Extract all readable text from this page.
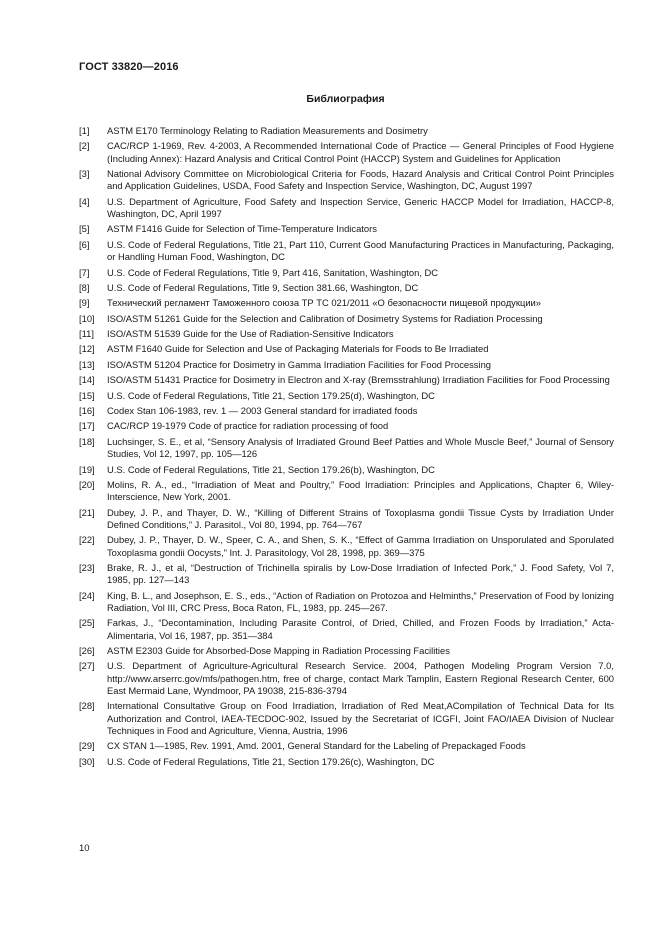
ГОСТ 33820—2016
Библиография
[1]	ASTM E170 Terminology Relating to Radiation Measurements and Dosimetry
[2]	CAC/RCP 1-1969, Rev. 4-2003, A Recommended International Code of Practice — General Principles of Food Hygiene (Including Annex): Hazard Analysis and Critical Control Point (HACCP) System and Guidelines for Application
[3]	National Advisory Committee on Microbiological Criteria for Foods, Hazard Analysis and Critical Control Point Principles and Application Guidelines, USDA, Food Safety and Inspection Service, Washington, DC, August 1997
[4]	U.S. Department of Agriculture, Food Safety and Inspection Service, Generic HACCP Model for Irradiation, HACCP-8, Washington, DC, April 1997
[5]	ASTM F1416 Guide for Selection of Time-Temperature Indicators
[6]	U.S. Code of Federal Regulations, Title 21, Part 110, Current Good Manufacturing Practices in Manufacturing, Packaging, or Handling Human Food, Washington, DC
[7]	U.S. Code of Federal Regulations, Title 9, Part 416, Sanitation, Washington, DC
[8]	U.S. Code of Federal Regulations, Title 9, Section 381.66, Washington, DC
[9]	Технический регламент Таможенного союза ТР ТС 021/2011 «О безопасности пищевой продукции»
[10]	ISO/ASTM 51261 Guide for the Selection and Calibration of Dosimetry Systems for Radiation Processing
[11]	ISO/ASTM 51539 Guide for the Use of Radiation-Sensitive Indicators
[12]	ASTM F1640 Guide for Selection and Use of Packaging Materials for Foods to Be Irradiated
[13]	ISO/ASTM 51204 Practice for Dosimetry in Gamma Irradiation Facilities for Food Processing
[14]	ISO/ASTM 51431 Practice for Dosimetry in Electron and X-ray (Bremsstrahlung) Irradiation Facilities for Food Processing
[15]	U.S. Code of Federal Regulations, Title 21, Section 179.25(d), Washington, DC
[16]	Codex Stan 106-1983, rev. 1 — 2003 General standard for irradiated foods
[17]	CAC/RCP 19-1979 Code of practice for radiation processing of food
[18]	Luchsinger, S. E., et al, “Sensory Analysis of Irradiated Ground Beef Patties and Whole Muscle Beef,” Journal of Sensory Studies, Vol 12, 1997, pp. 105—126
[19]	U.S. Code of Federal Regulations, Title 21, Section 179.26(b), Washington, DC
[20]	Molins, R. A., ed., “Irradiation of Meat and Poultry,” Food Irradiation: Principles and Applications, Chapter 6, Wiley-Interscience, New York, 2001.
[21]	Dubey, J. P., and Thayer, D. W., “Killing of Different Strains of Toxoplasma gondii Tissue Cysts by Irradiation Under Defined Conditions,” J. Parasitol., Vol 80, 1994, pp. 764—767
[22]	Dubey, J. P., Thayer, D. W., Speer, C. A., and Shen, S. K., “Effect of Gamma Irradiation on Unsporulated and Sporulated Toxoplasma gondii Oocysts,” Int. J. Parasitology, Vol 28, 1998, pp. 369—375
[23]	Brake, R. J., et al, “Destruction of Trichinella spiralis by Low-Dose Irradiation of Infected Pork,” J. Food Safety, Vol 7, 1985, pp. 127—143
[24]	King, B. L., and Josephson, E. S., eds., “Action of Radiation on Protozoa and Helminths,” Preservation of Food by Ionizing Radiation, Vol III, CRC Press, Boca Raton, FL, 1983, pp. 245—267.
[25]	Farkas, J., “Decontamination, Including Parasite Control, of Dried, Chilled, and Frozen Foods by Irradiation,” Acta-Alimentaria, Vol 16, 1987, pp. 351—384
[26]	ASTM E2303 Guide for Absorbed-Dose Mapping in Radiation Processing Facilities
[27]	U.S. Department of Agriculture-Agricultural Research Service. 2004, Pathogen Modeling Program Version 7.0, http://www.arserrc.gov/mfs/pathogen.htm, free of charge, contact Mark Tamplin, Eastern Regional Research Center, 600 East Mermaid Lane, Wyndmoor, PA 19038, 215-836-3794
[28]	International Consultative Group on Food Irradiation, Irradiation of Red Meat,ACompilation of Technical Data for Its Authorization and Control, IAEA-TECDOC-902, Issued by the Secretariat of ICGFI, Joint FAO/IAEA Division of Nuclear Techniques in Food and Agriculture, Vienna, Austria, 1996
[29]	CX STAN 1—1985, Rev. 1991, Amd. 2001, General Standard for the Labeling of Prepackaged Foods
[30]	U.S. Code of Federal Regulations, Title 21, Section 179.26(c), Washington, DC
10
